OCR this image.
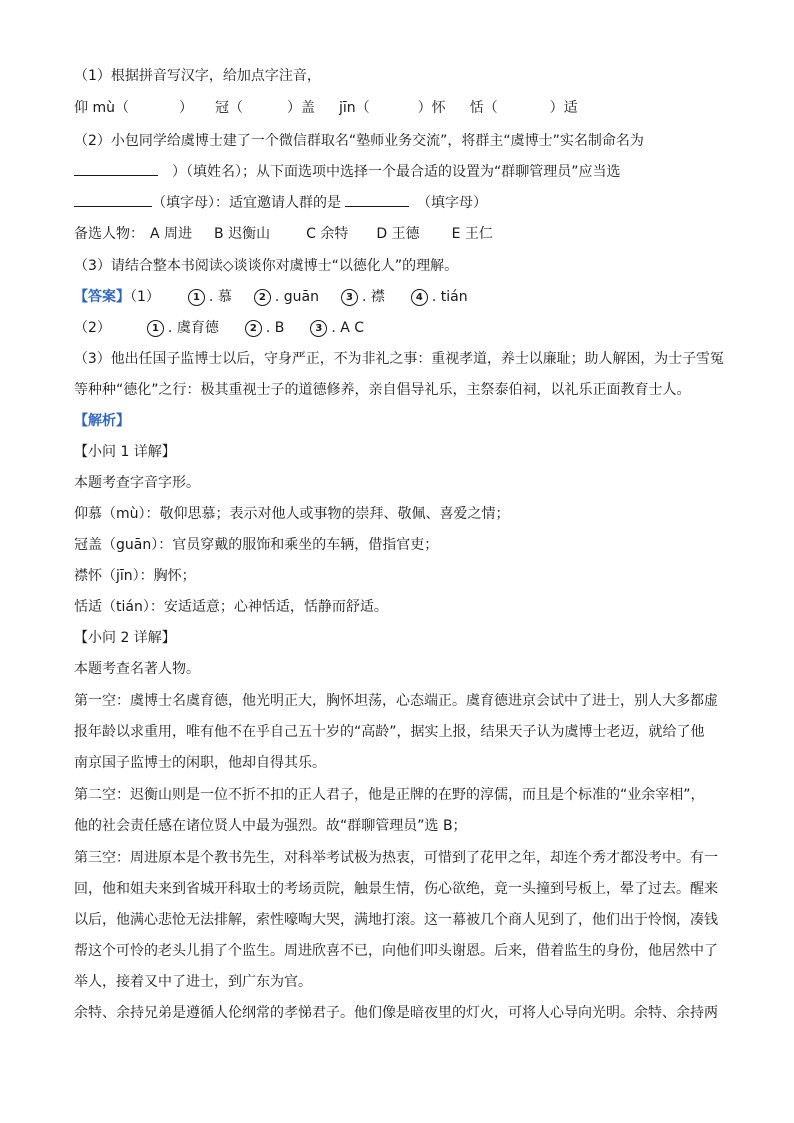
（1）根据拼音写汉字，给加点字注音，
仰 mù（	） 冠（	）盖 jīn（	）怀 恬（	）适
（2）小包同学给虞博士建了一个微信群取名“塾师业务交流”，将群主“虞博士”实名制命名为
）（填姓名）；从下面选项中选择一个最合适的设置为“群聊管理员”应当选
（填字母）：适宜邀请人群的是	（填字母）
备选人物： A 周进 B 迟衡山	C 余特 D 王德 E 王仁
（3）请结合整本书阅读◇谈谈你对虞博士“以德化人”的理解。
【答案】（1）	1 . 慕	2 . guān	3 . 襟	4 . tián
（2）	1 . 虞育德	2 . B	3 . A C
（3）他出任国子监博士以后，守身严正，不为非礼之事：重视孝道，养士以廉耻；助人解困，为士子雪冤
等种种“德化”之行：极其重视士子的道德修养，亲自倡导礼乐，主祭泰伯祠，以礼乐正面教育士人。
【解析】
【小问 1 详解】
本题考查字音字形。
仰慕（mù）：敬仰思慕；表示对他人或事物的崇拜、敬佩、喜爱之情；
冠盖（guān）：官员穿戴的服饰和乘坐的车辆，借指官吏；
襟怀（jīn）：胸怀；
恬适（tián）：安适适意；心神恬适，恬静而舒适。
【小问 2 详解】
本题考查名著人物。
第一空：虞博士名虞育德，他光明正大，胸怀坦荡，心态端正。虞育德进京会试中了进士，别人大多都虚
报年龄以求重用，唯有他不在乎自己五十岁的“高龄”，据实上报，结果天子认为虞博士老迈，就给了他
南京国子监博士的闲职，他却自得其乐。
第二空：迟衡山则是一位不折不扣的正人君子，他是正牌的在野的淳儒，而且是个标准的“业余宰相”，
他的社会责任感在诸位贤人中最为强烈。故“群聊管理员”选 B；
第三空：周进原本是个教书先生，对科举考试极为热衷，可惜到了花甲之年，却连个秀才都没考中。有一
回，他和姐夫来到省城开科取士的考场贡院，触景生情，伤心欲绝，竟一头撞到号板上，晕了过去。醒来
以后，他满心悲怆无法排解，索性嚎啕大哭，满地打滚。这一幕被几个商人见到了，他们出于怜悯，凑钱
帮这个可怜的老头儿捐了个监生。周进欣喜不已，向他们叩头谢恩。后来，借着监生的身份，他居然中了
举人，接着又中了进士，到广东为官。
余特、余持兄弟是遵循人伦纲常的孝悌君子。他们像是暗夜里的灯火，可将人心导向光明。余特、余持两
